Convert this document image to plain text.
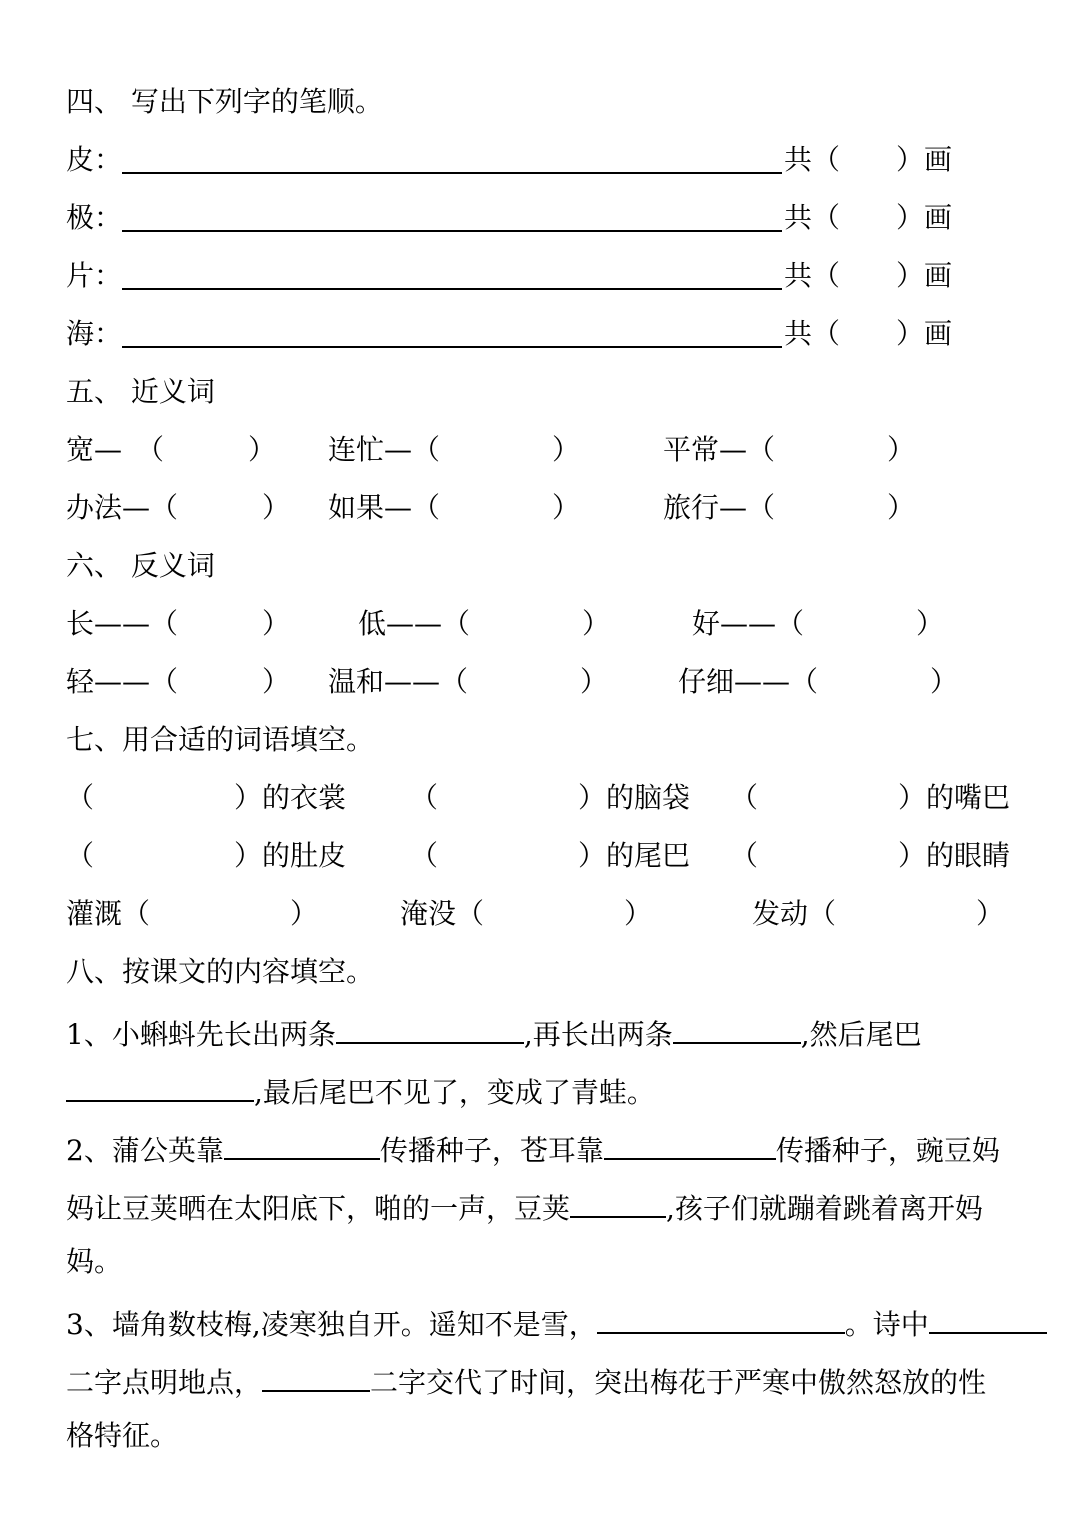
四、 写出下列字的笔顺。
皮：	共（　　）画
极：	共（　　）画
片：	共（　　）画
海：	共（　　）画
五、 近义词
宽—　（　　　） 连忙—（　　　　）	平常—（　　　　）
办法—（　　　） 如果—（　　　　）	旅行—（　　　　）
六、 反义词
长——（　　　） 低——（　　　　）	好——（　　　　）
轻——（　　　） 温和——（　　　　） 仔细——（　　　　）
七、用合适的词语填空。
（　　　　　）的衣裳 （　　　　　）的脑袋 （　　　　　）的嘴巴
（　　　　　）的肚皮 （　　　　　）的尾巴 （　　　　　）的眼睛
灌溉（　　　　　）	淹没（　　　　　）	发动（　　　　　）
八、按课文的内容填空。
1、小蝌蚪先长出两条	,再长出两条	,然后尾巴
,最后尾巴不见了，变成了青蛙。
2、蒲公英靠	传播种子，苍耳靠	传播种子，豌豆妈
妈让豆荚晒在太阳底下，啪的一声，豆荚	,孩子们就蹦着跳着离开妈
妈。
3、墙角数枝梅,凌寒独自开。遥知不是雪，	。诗中
二字点明地点，	二字交代了时间，突出梅花于严寒中傲然怒放的性
格特征。
